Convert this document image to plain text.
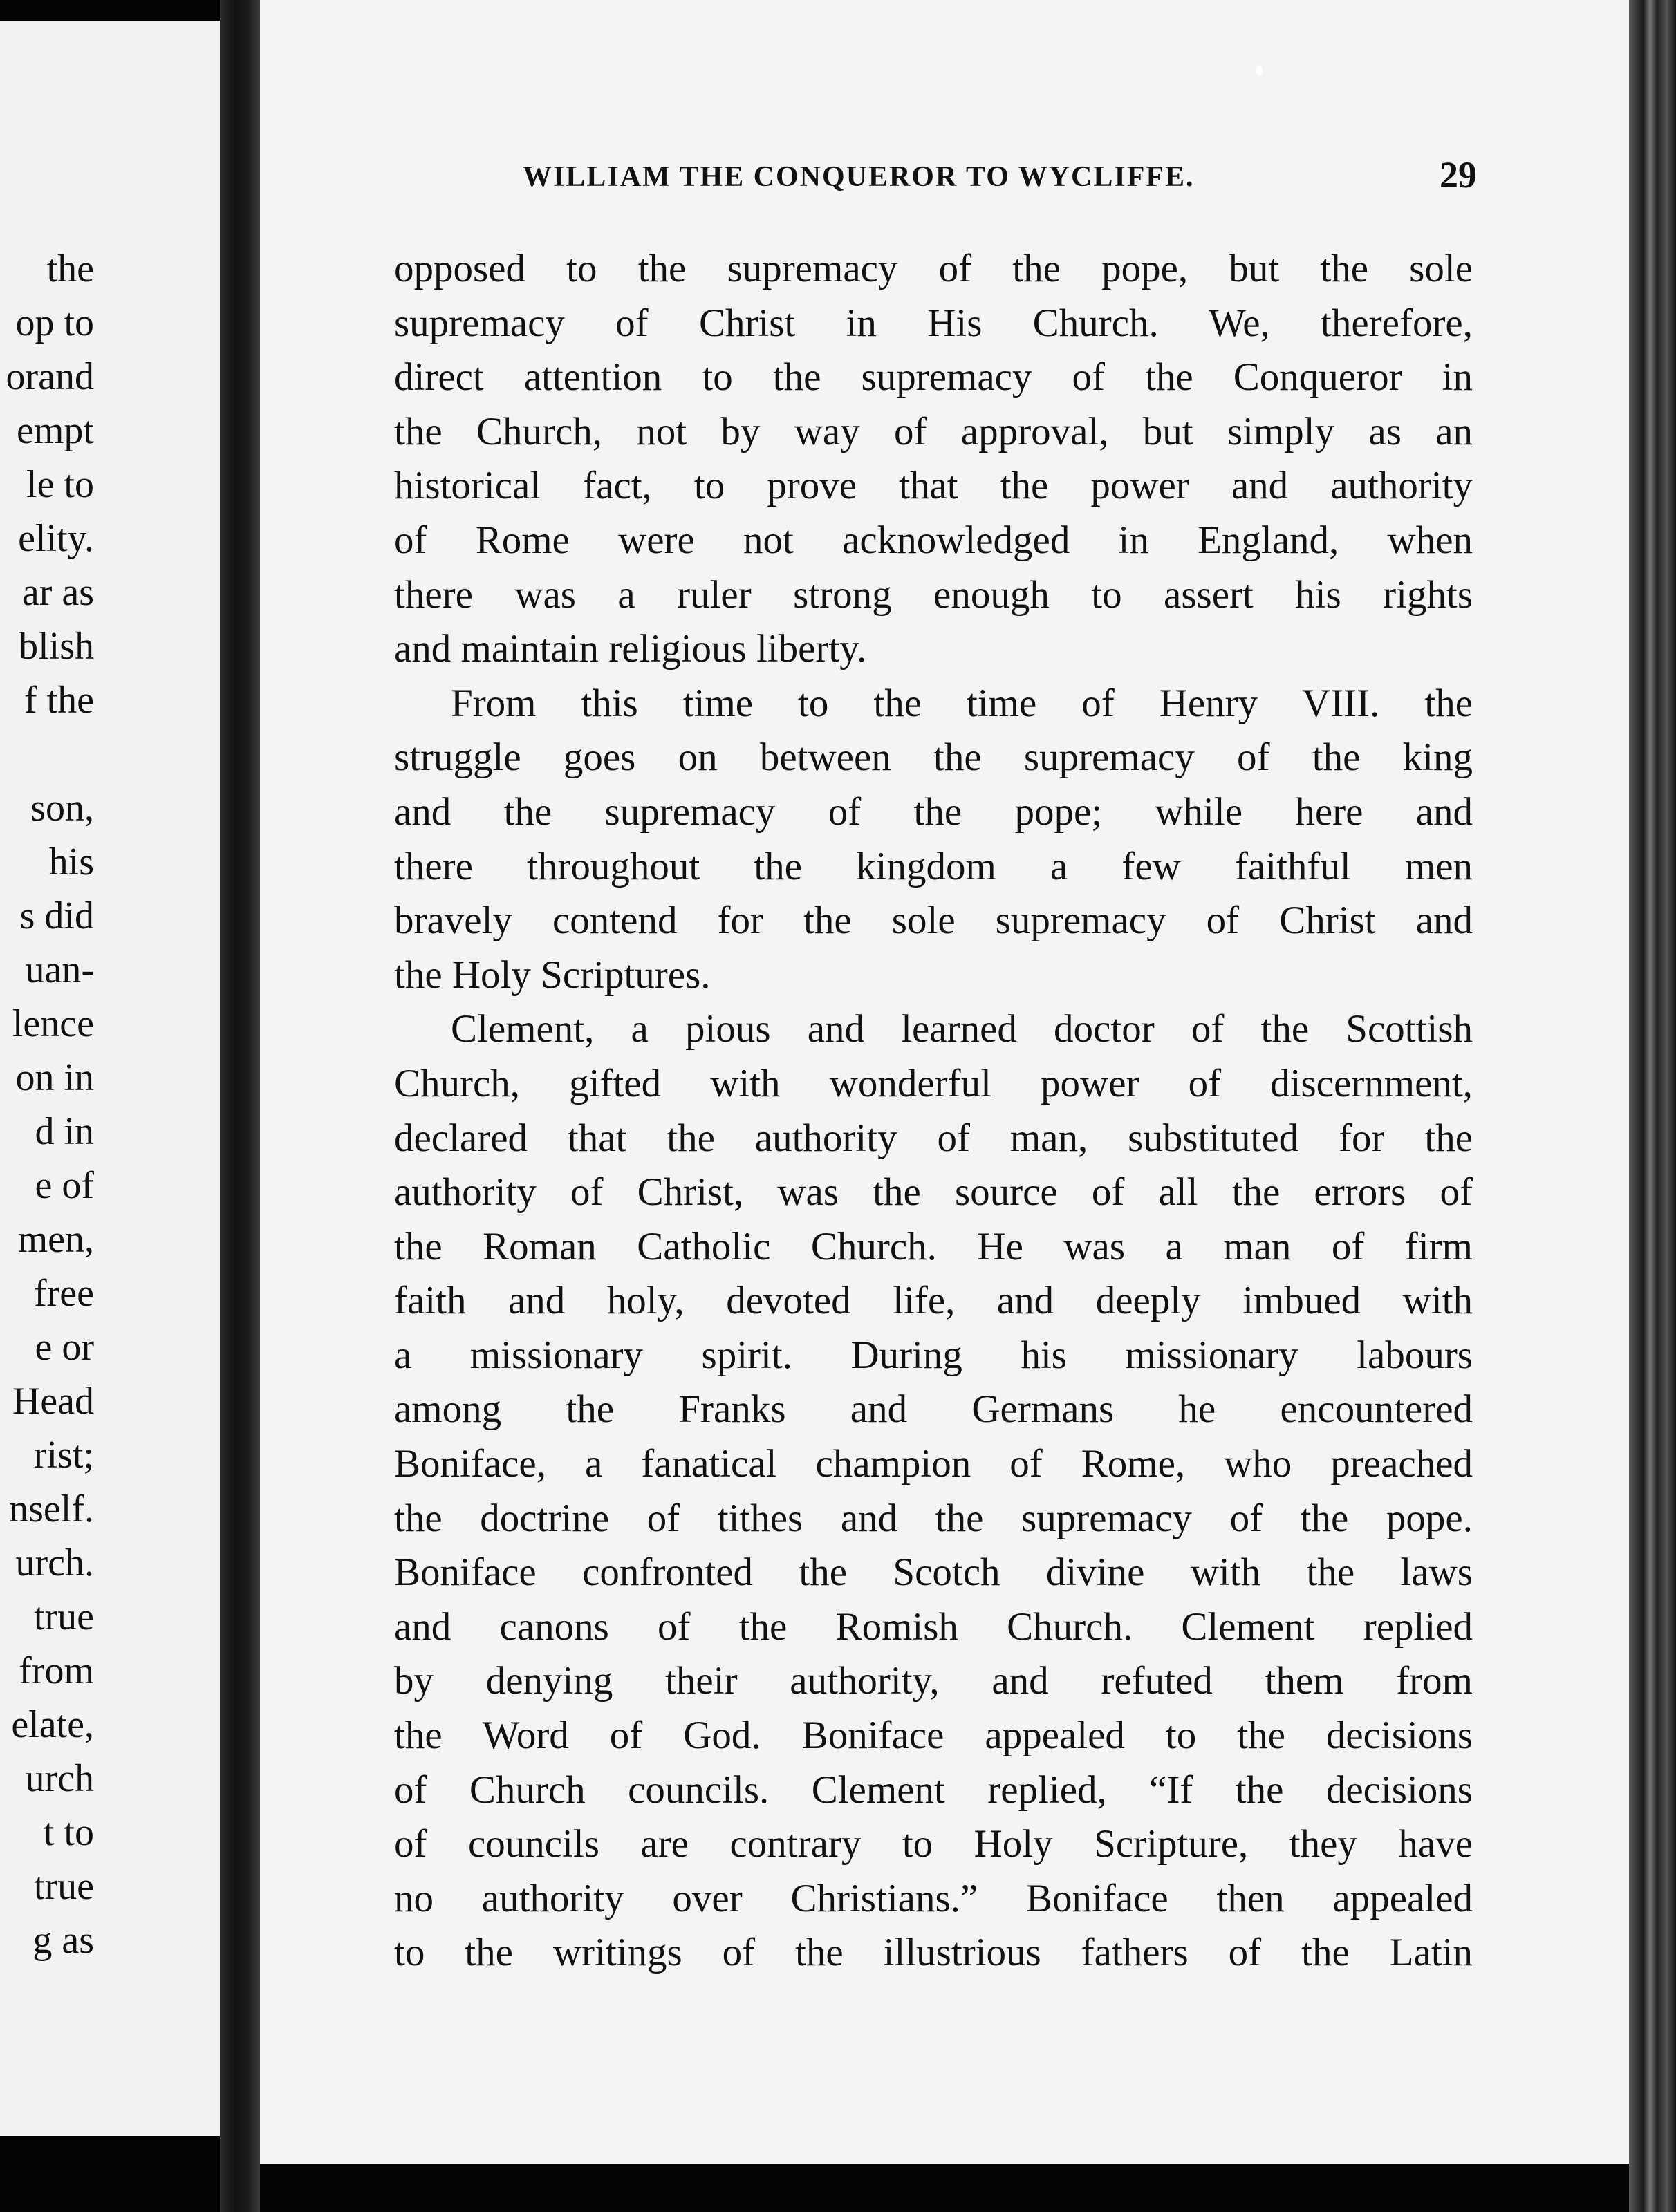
the
op to
orand
empt
le to
elity.
ar as
blish
f the
son,
his
s did
uan-
lence
on in
d in
e of
men,
free
e or
Head
rist;
nself.
urch.
true
from
elate,
urch
t to
true
g as
WILLIAM THE CONQUEROR TO WYCLIFFE.	29

opposed to the supremacy of the pope, but the sole

supremacy of Christ in His Church. We, therefore,

direct attention to the supremacy of the Conqueror in

the Church, not by way of approval, but simply as an

historical fact, to prove that the power and authority

of Rome were not acknowledged in England, when

there was a ruler strong enough to assert his rights

and maintain religious liberty.

From this time to the time of Henry VIII. the

struggle goes on between the supremacy of the king

and the supremacy of the pope; while here and

there throughout the kingdom a few faithful men

bravely contend for the sole supremacy of Christ and

the Holy Scriptures.

Clement, a pious and learned doctor of the Scottish

Church, gifted with wonderful power of discernment,

declared that the authority of man, substituted for the

authority of Christ, was the source of all the errors of

the Roman Catholic Church. He was a man of firm

faith and holy, devoted life, and deeply imbued with

a missionary spirit. During his missionary labours

among the Franks and Germans he encountered

Boniface, a fanatical champion of Rome, who preached

the doctrine of tithes and the supremacy of the pope.

Boniface confronted the Scotch divine with the laws

and canons of the Romish Church. Clement replied

by denying their authority, and refuted them from

the Word of God. Boniface appealed to the decisions

of Church councils. Clement replied, “If the decisions

of councils are contrary to Holy Scripture, they have

no authority over Christians.” Boniface then appealed

to the writings of the illustrious fathers of the Latin
